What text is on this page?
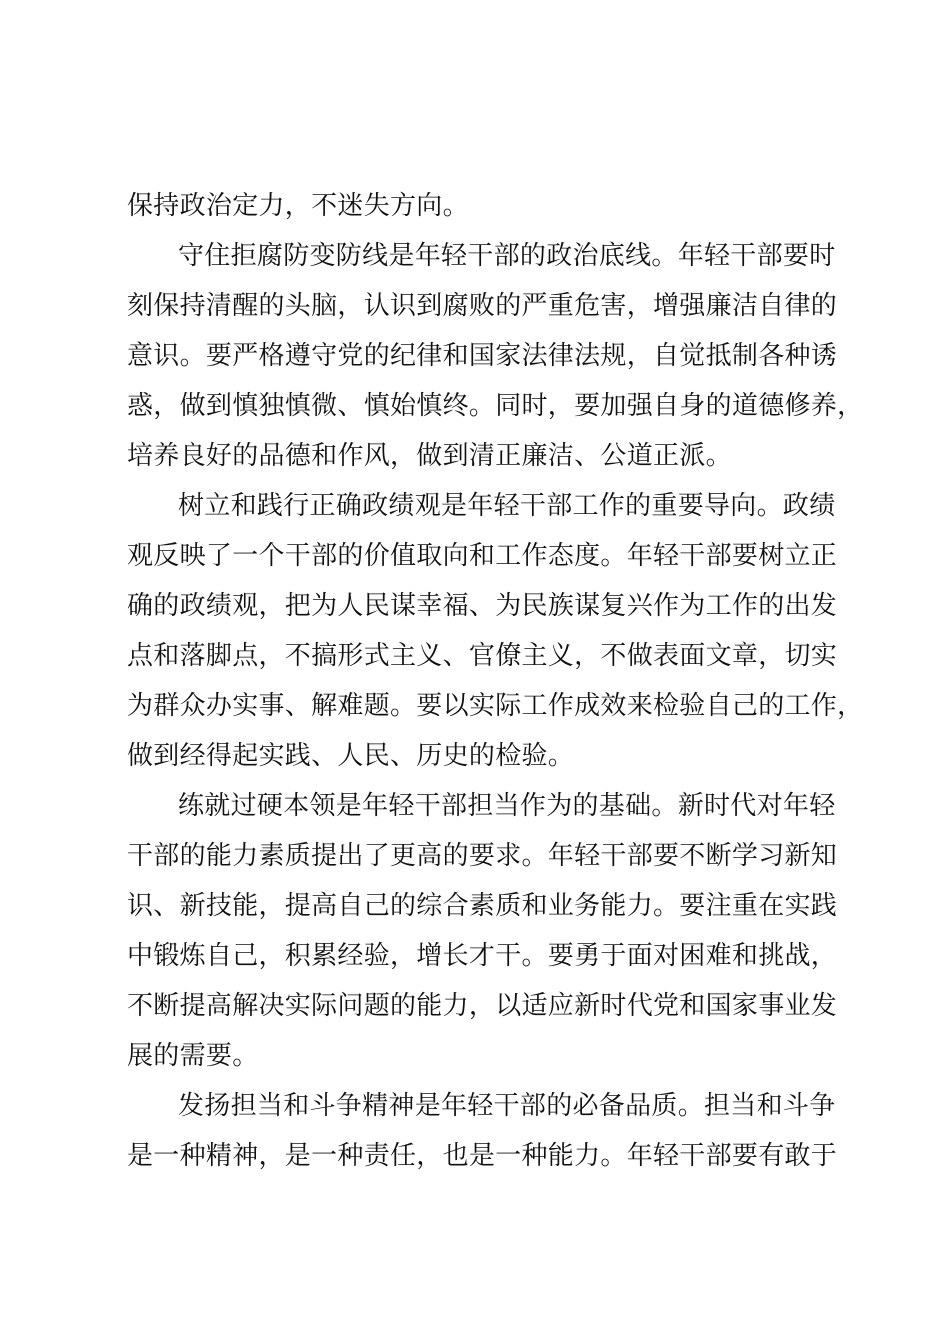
保持政治定力，不迷失方向。
守住拒腐防变防线是年轻干部的政治底线。年轻干部要时
刻保持清醒的头脑，认识到腐败的严重危害，增强廉洁自律的
意识。要严格遵守党的纪律和国家法律法规，自觉抵制各种诱
惑，做到慎独慎微、慎始慎终。同时，要加强自身的道德修养，
培养良好的品德和作风，做到清正廉洁、公道正派。
树立和践行正确政绩观是年轻干部工作的重要导向。政绩
观反映了一个干部的价值取向和工作态度。年轻干部要树立正
确的政绩观，把为人民谋幸福、为民族谋复兴作为工作的出发
点和落脚点，不搞形式主义、官僚主义，不做表面文章，切实
为群众办实事、解难题。要以实际工作成效来检验自己的工作，
做到经得起实践、人民、历史的检验。
练就过硬本领是年轻干部担当作为的基础。新时代对年轻
干部的能力素质提出了更高的要求。年轻干部要不断学习新知
识、新技能，提高自己的综合素质和业务能力。要注重在实践
中锻炼自己，积累经验，增长才干。要勇于面对困难和挑战，
不断提高解决实际问题的能力，以适应新时代党和国家事业发
展的需要。
发扬担当和斗争精神是年轻干部的必备品质。担当和斗争
是一种精神，是一种责任，也是一种能力。年轻干部要有敢于
